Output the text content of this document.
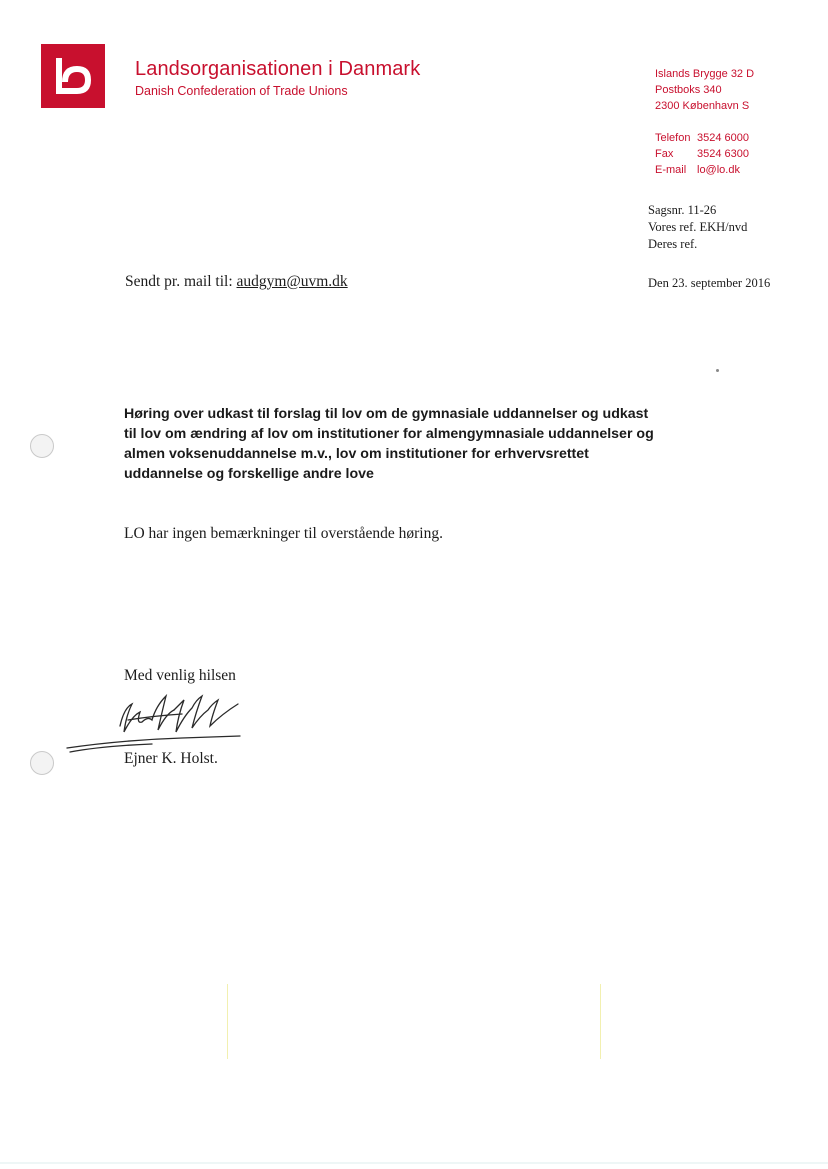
Landsorganisationen i Danmark
Danish Confederation of Trade Unions
Islands Brygge 32 D
Postboks 340
2300 København S
Telefon 3524 6000
Fax	3524 6300
E-mail lo@lo.dk
Sagsnr. 11-26
Vores ref. EKH/nvd
Deres ref.
Sendt pr. mail til: audgym@uvm.dk	Den 23. september 2016
Høring over udkast til forslag til lov om de gymnasiale uddannelser og udkast
til lov om ændring af lov om institutioner for almengymnasiale uddannelser og
almen voksenuddannelse m.v., lov om institutioner for erhvervsrettet
uddannelse og forskellige andre love
LO har ingen bemærkninger til overstående høring.
Med venlig hilsen
Ejner K. Holst.
